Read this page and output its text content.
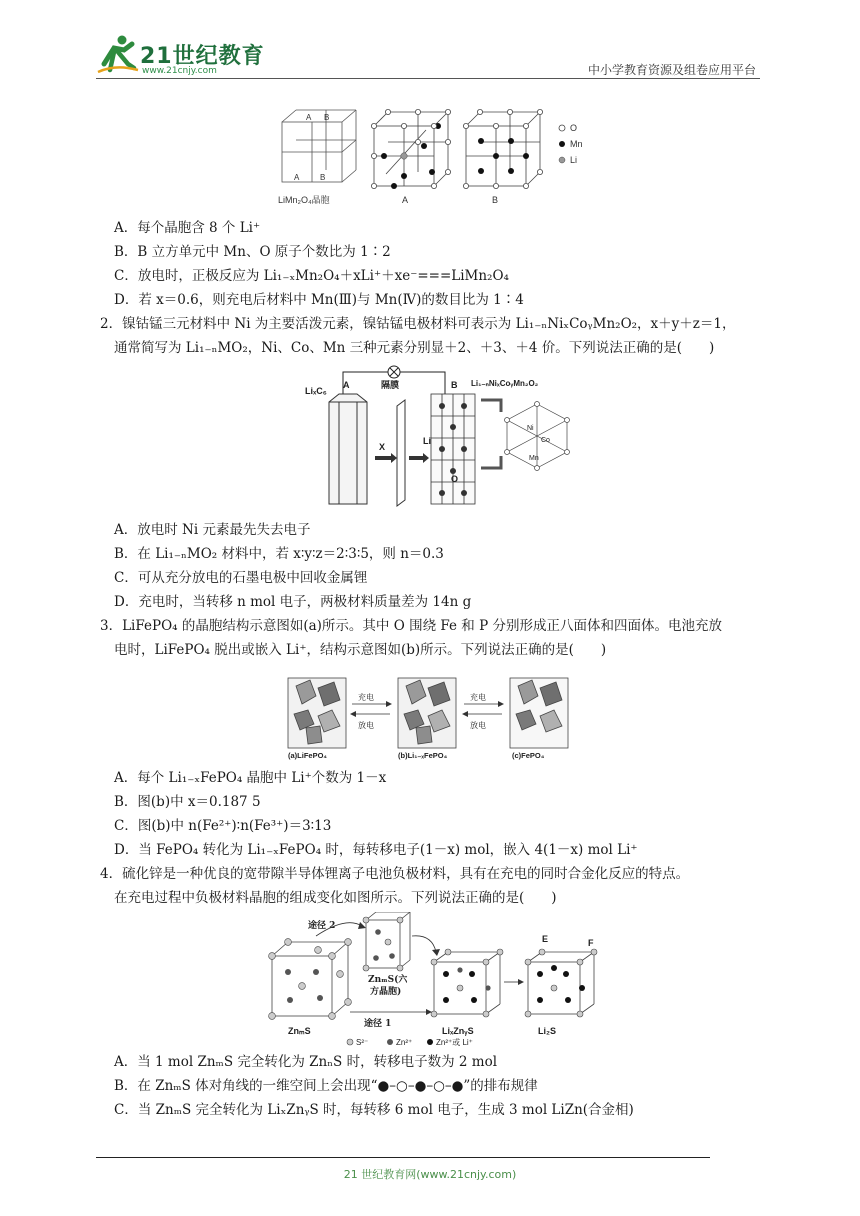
21世纪教育
www.21cnjy.com	中小学教育资源及组卷应用平台
A B
A	B
LiMn₂O₄晶胞	A	B
O
Mn
Li
A．每个晶胞含 8 个 Li⁺
B．B 立方单元中 Mn、O 原子个数比为 1∶2
C．放电时，正极反应为 Li₁₋ₓMn₂O₄＋xLi⁺＋xe⁻===LiMn₂O₄
D．若 x＝0.6，则充电后材料中 Mn(Ⅲ)与 Mn(Ⅳ)的数目比为 1∶4
2．镍钴锰三元材料中 Ni 为主要活泼元素，镍钴锰电极材料可表示为 Li₁₋ₙNiₓCoᵧMn₂O₂，x＋y＋z＝1，
通常简写为 Li₁₋ₙMO₂，Ni、Co、Mn 三种元素分别显＋2、＋3、＋4 价。下列说法正确的是(　　)
LiₓC₆
A	隔膜	B Li₁₋ₙNiₓCoᵧMn₂O₂
X
Li
O
Ni
Co
Mn
A．放电时 Ni 元素最先失去电子
B．在 Li₁₋ₙMO₂ 材料中，若 x∶y∶z＝2∶3∶5，则 n＝0.3
C．可从充分放电的石墨电极中回收金属锂
D．充电时，当转移 n mol 电子，两极材料质量差为 14n g
3．LiFePO₄ 的晶胞结构示意图如(a)所示。其中 O 围绕 Fe 和 P 分别形成正八面体和四面体。电池充放
电时，LiFePO₄ 脱出或嵌入 Li⁺，结构示意图如(b)所示。下列说法正确的是(　　)
(a)LiFePO₄
充电
放电
(b)Li₁₋ₓFePO₄
充电
放电
(c)FePO₄
A．每个 Li₁₋ₓFePO₄ 晶胞中 Li⁺个数为 1－x
B．图(b)中 x＝0.187 5
C．图(b)中 n(Fe²⁺)∶n(Fe³⁺)＝3∶13
D．当 FePO₄ 转化为 Li₁₋ₓFePO₄ 时，每转移电子(1－x) mol，嵌入 4(1－x) mol Li⁺
4．硫化锌是一种优良的宽带隙半导体锂离子电池负极材料，具有在充电的同时合金化反应的特点。
在充电过程中负极材料晶胞的组成变化如图所示。下列说法正确的是(　　)
ZnₘS
途径 2
ZnₘS(六
方晶胞)
途径 1
LiₓZnᵧS
E	F
Li₂S
S²⁻	Zn²⁺	Zn²⁺或 Li⁺
A．当 1 mol ZnₘS 完全转化为 ZnₙS 时，转移电子数为 2 mol
B．在 ZnₘS 体对角线的一维空间上会出现“●–○–●–○–●”的排布规律
C．当 ZnₘS 完全转化为 LiₓZnᵧS 时，每转移 6 mol 电子，生成 3 mol LiZn(合金相)
21 世纪教育网(www.21cnjy.com)
